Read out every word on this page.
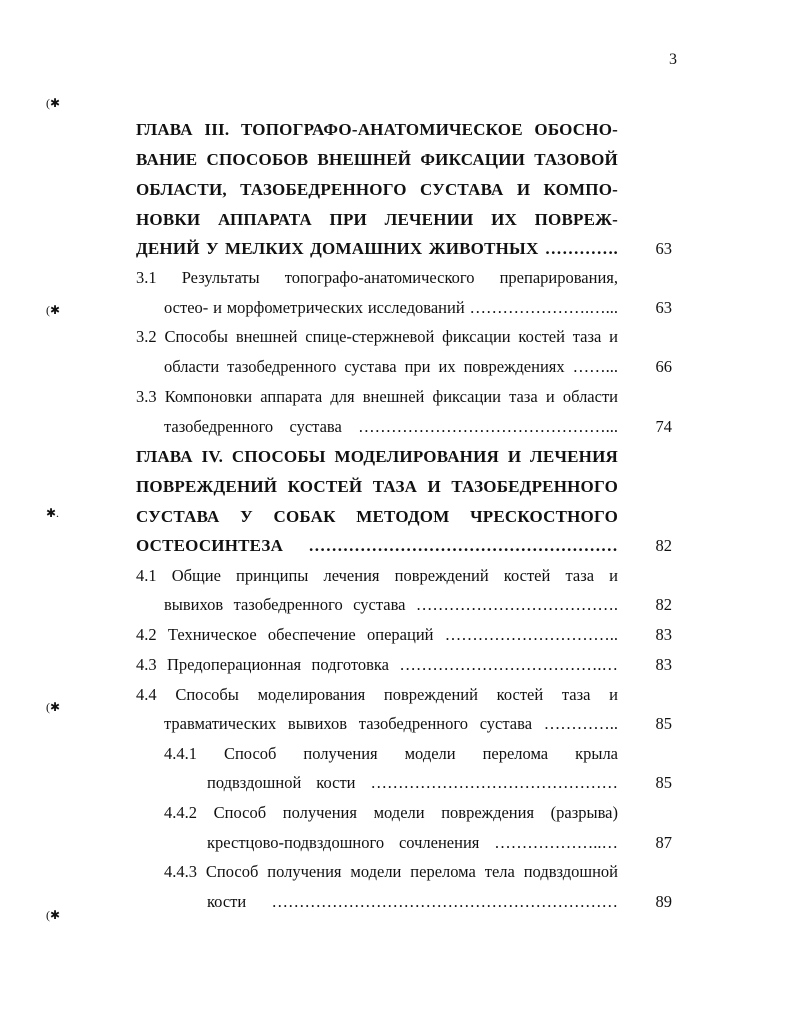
3
(✱
(✱
✱.
(✱
(✱
ГЛАВА III. ТОПОГРАФО-АНАТОМИЧЕСКОЕ ОБОСНО-
ВАНИЕ СПОСОБОВ ВНЕШНЕЙ ФИКСАЦИИ ТАЗОВОЙ
ОБЛАСТИ, ТАЗОБЕДРЕННОГО СУСТАВА И КОМПО-
НОВКИ АППАРАТА ПРИ ЛЕЧЕНИИ ИХ ПОВРЕЖ-
ДЕНИЙ У МЕЛКИХ ДОМАШНИХ ЖИВОТНЫХ ………….	63
3.1 Результаты топографо-анатомического препарирования,
остео- и морфометрических исследований ………………….…...	63
3.2 Способы внешней спице-стержневой фиксации костей таза и
области тазобедренного сустава при их повреждениях ……...	66
3.3 Компоновки аппарата для внешней фиксации таза и области
тазобедренного сустава ………………………………………...	74
ГЛАВА IV. СПОСОБЫ МОДЕЛИРОВАНИЯ И ЛЕЧЕНИЯ
ПОВРЕЖДЕНИЙ КОСТЕЙ ТАЗА И ТАЗОБЕДРЕННОГО
СУСТАВА У СОБАК МЕТОДОМ ЧРЕСКОСТНОГО
ОСТЕОСИНТЕЗА ………………………………………………	82
4.1 Общие принципы лечения повреждений костей таза и
вывихов тазобедренного сустава ……………………………….	82
4.2 Техническое обеспечение операций …………………………..	83
4.3 Предоперационная подготовка ……………………………….…	83
4.4 Способы моделирования повреждений костей таза и
травматических вывихов тазобедренного сустава …………..	85
4.4.1 Способ получения модели перелома крыла
подвздошной кости ………………………………………	85
4.4.2 Способ получения модели повреждения (разрыва)
крестцово-подвздошного сочленения ………………..…	87
4.4.3 Способ получения модели перелома тела подвздошной
кости ………………………………………………………	89
